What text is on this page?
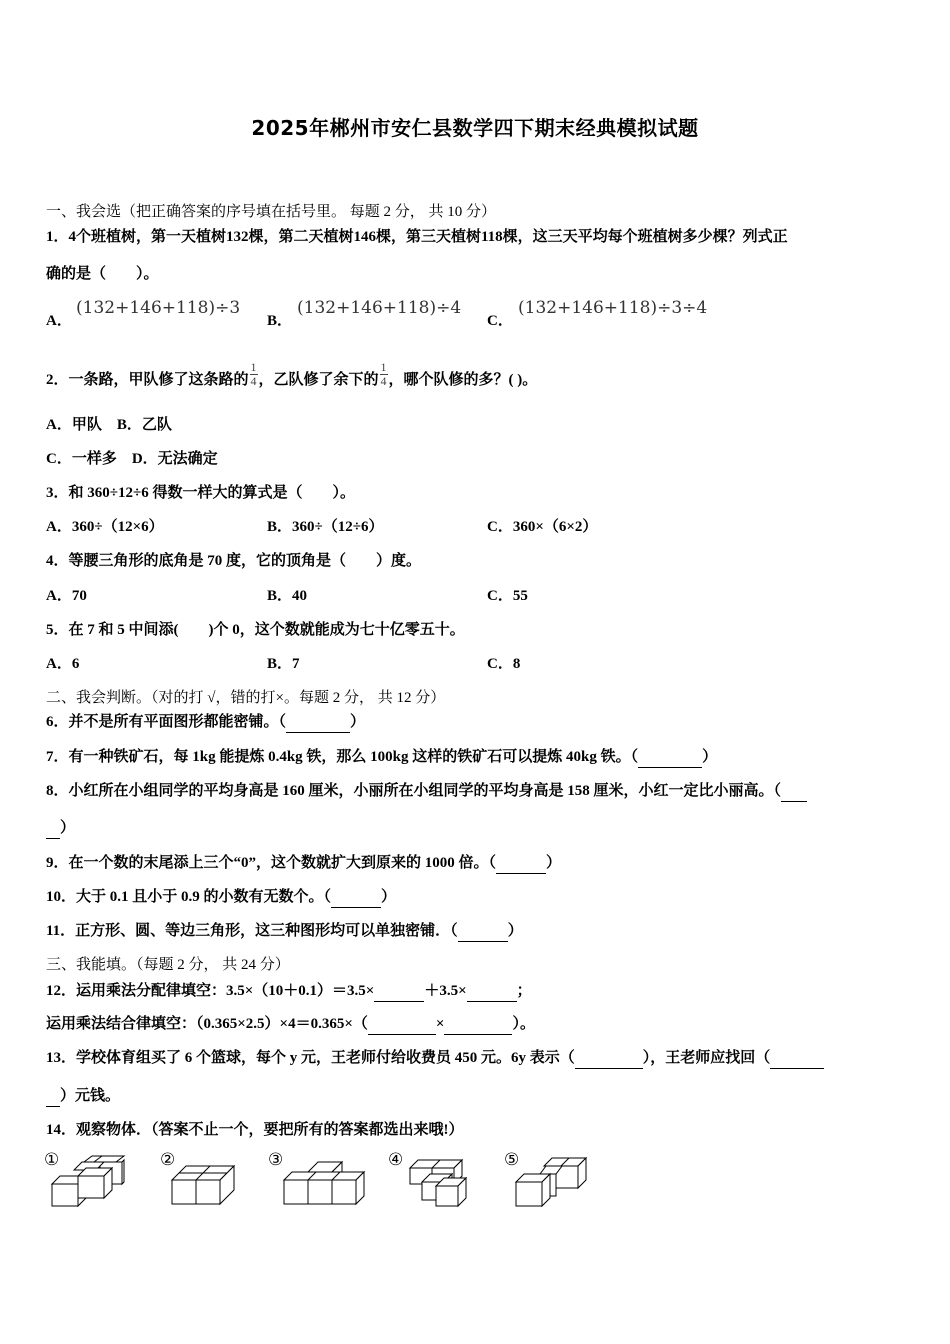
2025年郴州市安仁县数学四下期末经典模拟试题
一、我会选（把正确答案的序号填在括号里。 每题 2 分， 共 10 分）
1．4个班植树，第一天植树132棵，第二天植树146棵，第三天植树118棵，这三天平均每个班植树多少棵？列式正
确的是（　　）。
A．
(132+146+118)÷3
B．
(132+146+118)÷4
C．
(132+146+118)÷3÷4
2．一条路，甲队修了这条路的 $\frac{1}{4}$ ，乙队修了余下的 $\frac{1}{4}$ ，哪个队修的多？( )。
A．甲队　B．乙队
C．一样多　D．无法确定
3．和 360÷12÷6 得数一样大的算式是（　　）。
A．360÷（12×6）	B．360÷（12÷6）	C．360×（6×2）
4．等腰三角形的底角是 70 度，它的顶角是（　　）度。
A．70	B．40	C．55
5．在 7 和 5 中间添(　　)个 0，这个数就能成为七十亿零五十。
A．6	B．7	C．8
二、我会判断。（对的打 √，错的打×。每题 2 分， 共 12 分）
6．并不是所有平面图形都能密铺。（	）
7．有一种铁矿石，每 1kg 能提炼 0.4kg 铁，那么 100kg 这样的铁矿石可以提炼 40kg 铁。（	）
8．小红所在小组同学的平均身高是 160 厘米，小丽所在小组同学的平均身高是 158 厘米，小红一定比小丽高。（
）
9．在一个数的末尾添上三个“0”，这个数就扩大到原来的 1000 倍。（	）
10．大于 0.1 且小于 0.9 的小数有无数个。（	）
11．正方形、圆、等边三角形，这三种图形均可以单独密铺．（	）
三、我能填。（每题 2 分， 共 24 分）
12．运用乘法分配律填空：3.5×（10＋0.1）＝3.5×	＋3.5×	；
运用乘法结合律填空：（0.365×2.5）×4＝0.365×（	×	）。
13．学校体育组买了 6 个篮球，每个 y 元，王老师付给收费员 450 元。6y 表示（	），王老师应找回（
）元钱。
14．观察物体．（答案不止一个，要把所有的答案都选出来哦!）
①	②	③	④	⑤
